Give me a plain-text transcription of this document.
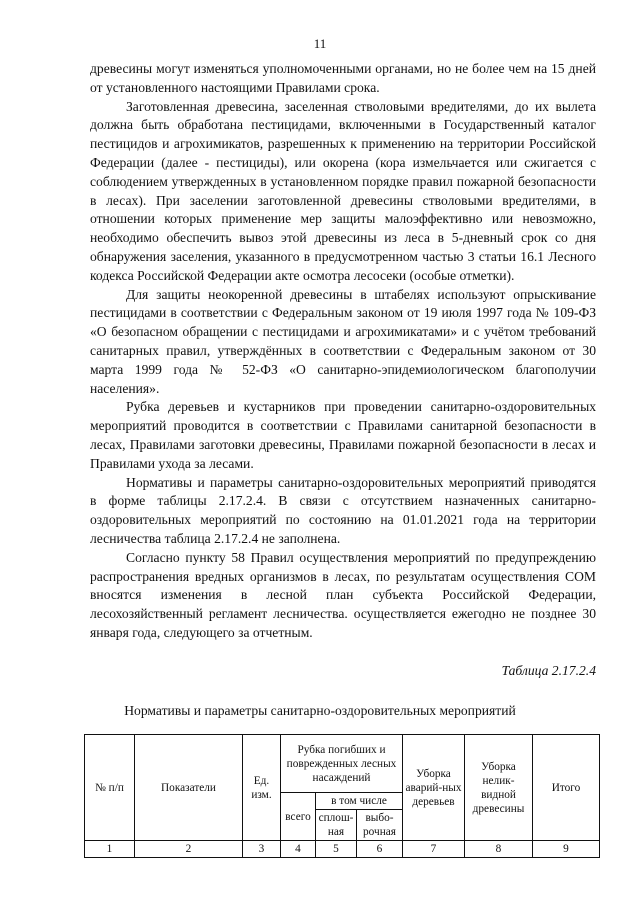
11

древесины могут изменяться уполномоченными органами, но не более чем на 15 дней от установленного настоящими Правилами срока.

Заготовленная древесина, заселенная стволовыми вредителями, до их вылета должна быть обработана пестицидами, включенными в Государственный каталог пестицидов и агрохимикатов, разрешенных к применению на территории Российской Федерации (далее - пестициды), или окорена (кора измельчается или сжигается с соблюдением утвержденных в установленном порядке правил пожарной безопасности в лесах). При заселении заготовленной древесины стволовыми вредителями, в отношении которых применение мер защиты малоэффективно или невозможно, необходимо обеспечить вывоз этой древесины из леса в 5-дневный срок со дня обнаружения заселения, указанного в предусмотренном частью 3 статьи 16.1 Лесного кодекса Российской Федерации акте осмотра лесосеки (особые отметки).

Для защиты неокоренной древесины в штабелях используют опрыскивание пестицидами в соответствии с Федеральным законом от 19 июля 1997 года № 109-ФЗ «О безопасном обращении с пестицидами и агрохимикатами» и с учётом требований санитарных правил, утверждённых в соответствии с Федеральным законом от 30 марта 1999 года № 52-ФЗ «О санитарно-эпидемиологическом благополучии населения».

Рубка деревьев и кустарников при проведении санитарно-оздоровительных мероприятий проводится в соответствии с Правилами санитарной безопасности в лесах, Правилами заготовки древесины, Правилами пожарной безопасности в лесах и Правилами ухода за лесами.

Нормативы и параметры санитарно-оздоровительных мероприятий приводятся в форме таблицы 2.17.2.4. В связи с отсутствием назначенных санитарно-оздоровительных мероприятий по состоянию на 01.01.2021 года на территории лесничества таблица 2.17.2.4 не заполнена.

Согласно пункту 58 Правил осуществления мероприятий по предупреждению распространения вредных организмов в лесах, по результатам осуществления СОМ вносятся изменения в лесной план субъекта Российской Федерации, лесохозяйственный регламент лесничества. осуществляется ежегодно не позднее 30 января года, следующего за отчетным.

Таблица 2.17.2.4
Нормативы и параметры санитарно-оздоровительных мероприятий
№ п/п	Показатели	Ед. изм.	Рубка погибших и поврежденных лесных насаждений			Уборка аварий-ных деревьев	Уборка нелик-видной древесины	Итого
			всего	в том числе				
				сплош-ная	выбо-рочная			
1	2	3	4	5	6	7	8	9
